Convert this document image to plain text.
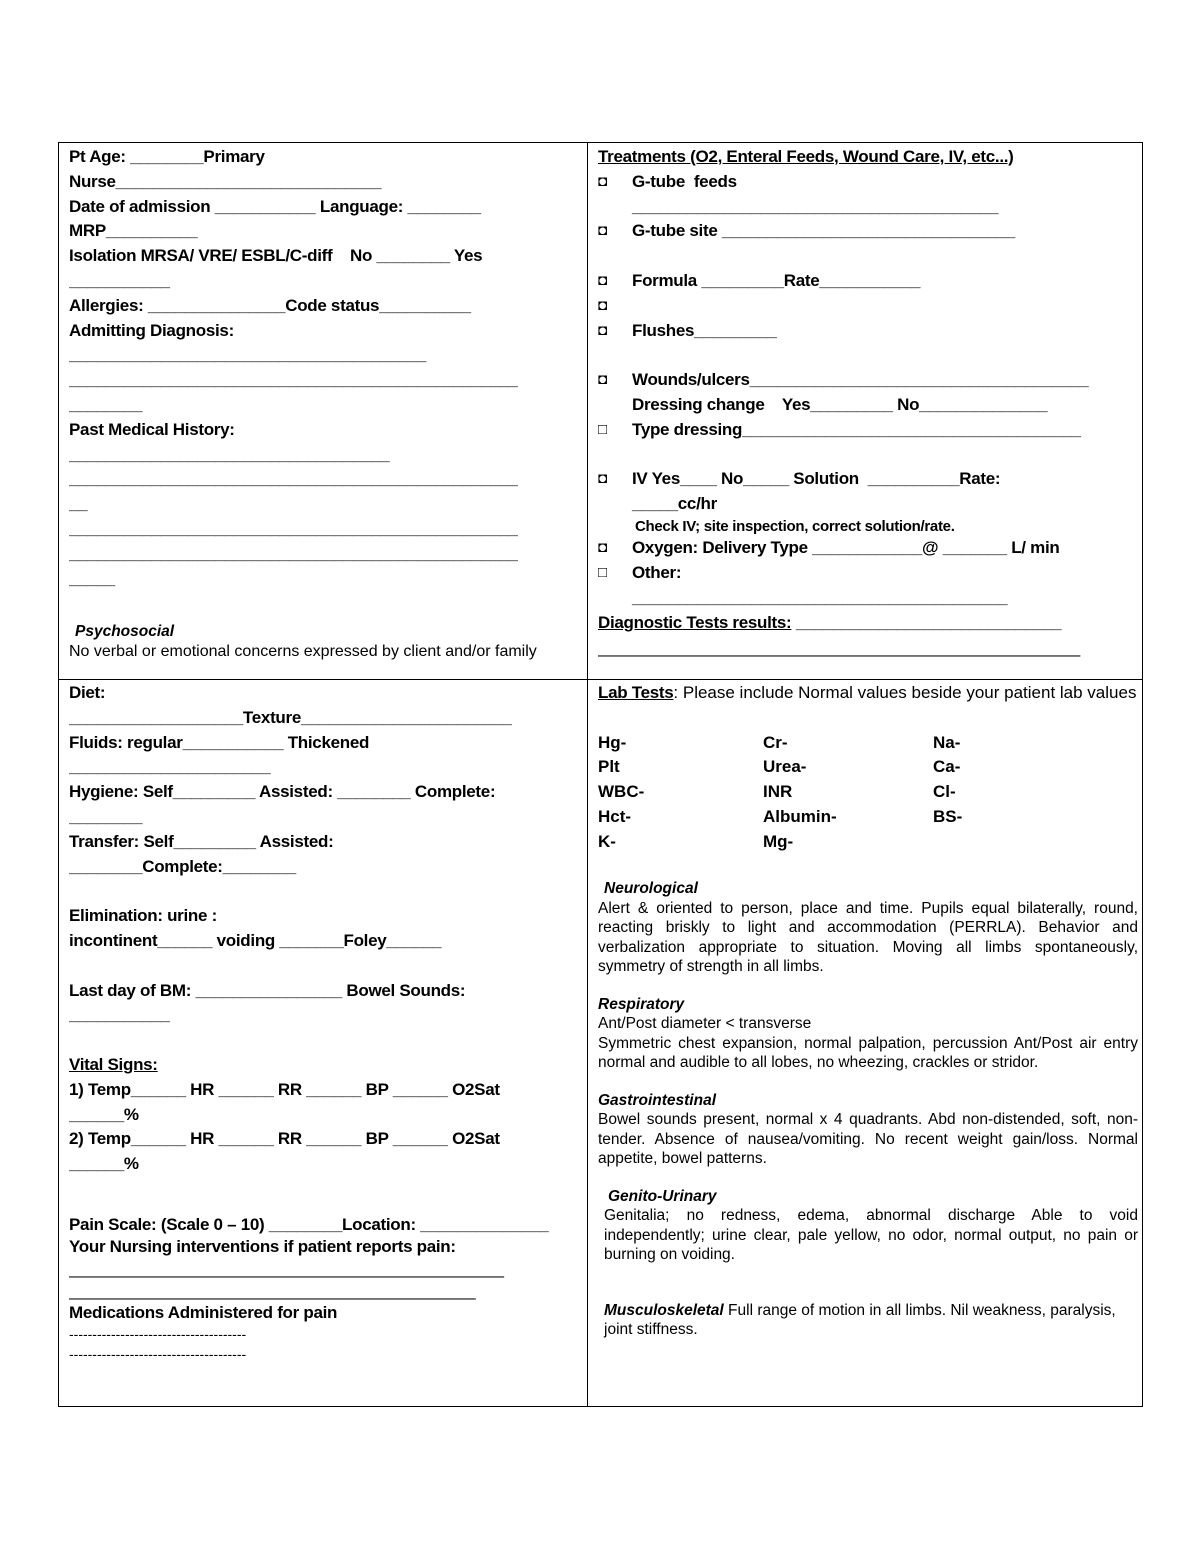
Pt Age: ________Primary
Nurse_____________________________
Date of admission ___________ Language: ________
MRP__________
Isolation MRSA/ VRE/ ESBL/C-diff    No ________ Yes
___________
Allergies: _______________Code status__________
Admitting Diagnosis:
_______________________________________
_________________________________________________
________
Past Medical History:
___________________________________
_________________________________________________
__
_________________________________________________
_________________________________________________
_____
Psychosocial
No verbal or emotional concerns expressed by client and/or family
Treatments (O2, Enteral Feeds, Wound Care, IV, etc...)
◘	G-tube  feeds
________________________________________
◘	G-tube site ________________________________
◘	Formula _________Rate___________
◘
◘	Flushes_________
◘	Wounds/ulcers_____________________________________
Dressing change    Yes_________ No______________
□	Type dressing_____________________________________
◘	IV Yes____ No_____ Solution  __________Rate:
_____cc/hr
Check IV; site inspection, correct solution/rate.
◘	Oxygen: Delivery Type ____________@ _______ L/ min
□	Other:
_________________________________________
Diagnostic Tests results: _____________________________
___________________________________________________

Diet:
___________________Texture_______________________
Fluids: regular___________ Thickened
______________________
Hygiene: Self_________ Assisted: ________ Complete:
________
Transfer: Self_________ Assisted:
________Complete:________
Elimination: urine :
incontinent______ voiding _______Foley______
Last day of BM: ________________ Bowel Sounds:
___________
Vital Signs:
1) Temp______ HR ______ RR ______ BP ______ O2Sat
______%
2) Temp______ HR ______ RR ______ BP ______ O2Sat
______%
Pain Scale: (Scale 0 – 10) ________Location: ______________
Your Nursing interventions if patient reports pain:
______________________________________________
___________________________________________
Medications Administered for pain
--------------------------------------
--------------------------------------
Lab Tests: Please include Normal values beside your patient lab values
Hg-	Cr-	Na-
Plt	Urea-	Ca-
WBC-	INR	Cl-
Hct-	Albumin-	BS-
K-	Mg-
Neurological
Alert & oriented to person, place and time. Pupils equal bilaterally, round, reacting briskly to light and accommodation (PERRLA). Behavior and verbalization appropriate to situation. Moving all limbs spontaneously, symmetry of strength in all limbs.
Respiratory
Ant/Post diameter < transverse
Symmetric chest expansion, normal palpation, percussion Ant/Post air entry normal and audible to all lobes, no wheezing, crackles or stridor.
Gastrointestinal
Bowel sounds present, normal x 4 quadrants. Abd non-distended, soft, non-tender. Absence of nausea/vomiting. No recent weight gain/loss. Normal appetite, bowel patterns.
Genito-Urinary
Genitalia; no redness, edema, abnormal discharge Able to void independently; urine clear, pale yellow, no odor, normal output, no pain or burning on voiding.
Musculoskeletal Full range of motion in all limbs. Nil weakness, paralysis, joint stiffness.
